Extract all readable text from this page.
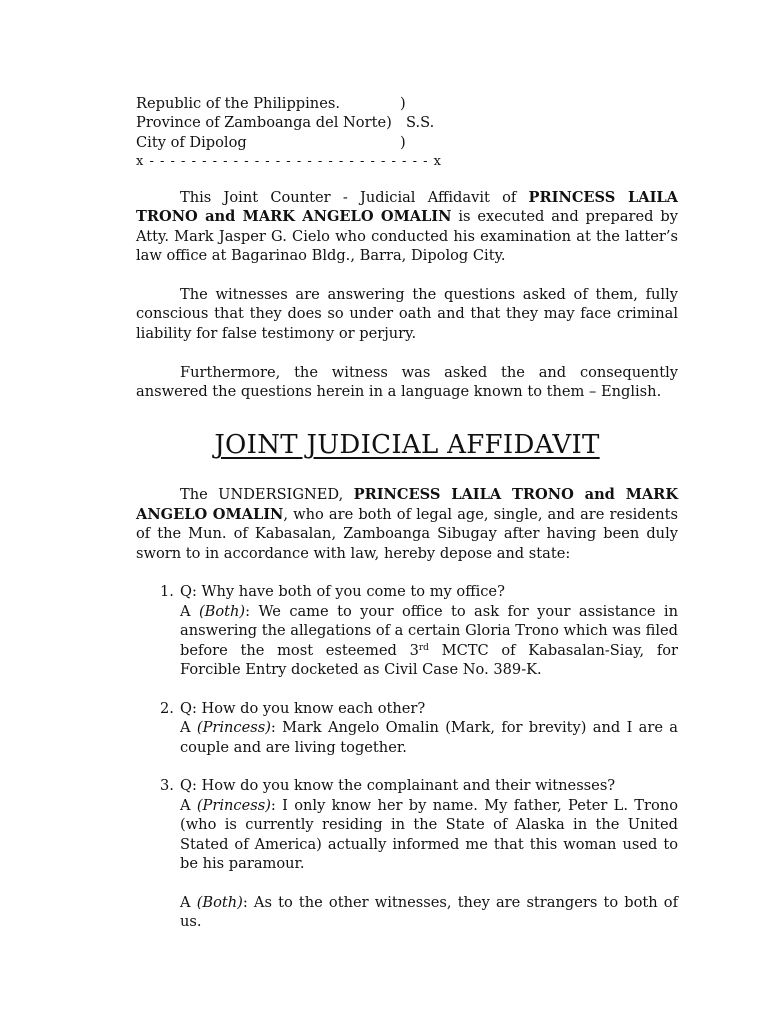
Republic of the Philippines.	)
Province of Zamboanga del Norte) S.S.
City of Dipolog	)
x - - - - - - - - - - - - - - - - - - - - - - - - - - - x

This Joint Counter - Judicial Affidavit of PRINCESS LAILA TRONO and MARK ANGELO OMALIN is executed and prepared by Atty. Mark Jasper G. Cielo who conducted his examination at the latter’s law office at Bagarinao Bldg., Barra, Dipolog City.

The witnesses are answering the questions asked of them, fully conscious that they does so under oath and that they may face criminal liability for false testimony or perjury.

Furthermore, the witness was asked the and consequently answered the questions herein in a language known to them – English.

JOINT JUDICIAL AFFIDAVIT

The UNDERSIGNED, PRINCESS LAILA TRONO and MARK ANGELO OMALIN, who are both of legal age, single, and are residents of the Mun. of Kabasalan, Zamboanga Sibugay after having been duly sworn to in accordance with law, hereby depose and state:

1. Q: Why have both of you come to my office?
A (Both): We came to your office to ask for your assistance in answering the allegations of a certain Gloria Trono which was filed before the most esteemed 3rd MCTC of Kabasalan-Siay, for Forcible Entry docketed as Civil Case No. 389-K.
2. Q: How do you know each other?
A (Princess): Mark Angelo Omalin (Mark, for brevity) and I are a couple and are living together.
3. Q: How do you know the complainant and their witnesses?
A (Princess): I only know her by name. My father, Peter L. Trono (who is currently residing in the State of Alaska in the United Stated of America) actually informed me that this woman used to be his paramour.
A (Both): As to the other witnesses, they are strangers to both of us.
